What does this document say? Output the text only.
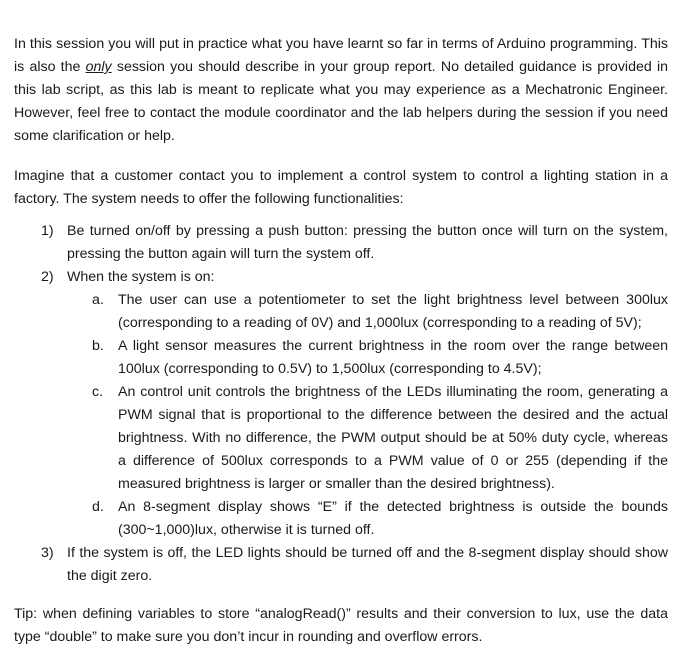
In this session you will put in practice what you have learnt so far in terms of Arduino programming. This is also the only session you should describe in your group report. No detailed guidance is provided in this lab script, as this lab is meant to replicate what you may experience as a Mechatronic Engineer. However, feel free to contact the module coordinator and the lab helpers during the session if you need some clarification or help.

Imagine that a customer contact you to implement a control system to control a lighting station in a factory. The system needs to offer the following functionalities:

1) Be turned on/off by pressing a push button: pressing the button once will turn on the system, pressing the button again will turn the system off.
2) When the system is on:
a. The user can use a potentiometer to set the light brightness level between 300lux (corresponding to a reading of 0V) and 1,000lux (corresponding to a reading of 5V);
b. A light sensor measures the current brightness in the room over the range between 100lux (corresponding to 0.5V) to 1,500lux (corresponding to 4.5V);
c. An control unit controls the brightness of the LEDs illuminating the room, generating a PWM signal that is proportional to the difference between the desired and the actual brightness. With no difference, the PWM output should be at 50% duty cycle, whereas a difference of 500lux corresponds to a PWM value of 0 or 255 (depending if the measured brightness is larger or smaller than the desired brightness).
d. An 8-segment display shows “E” if the detected brightness is outside the bounds (300~1,000)lux, otherwise it is turned off.
3) If the system is off, the LED lights should be turned off and the 8-segment display should show the digit zero.

Tip: when defining variables to store “analogRead()” results and their conversion to lux, use the data type “double” to make sure you don’t incur in rounding and overflow errors.
